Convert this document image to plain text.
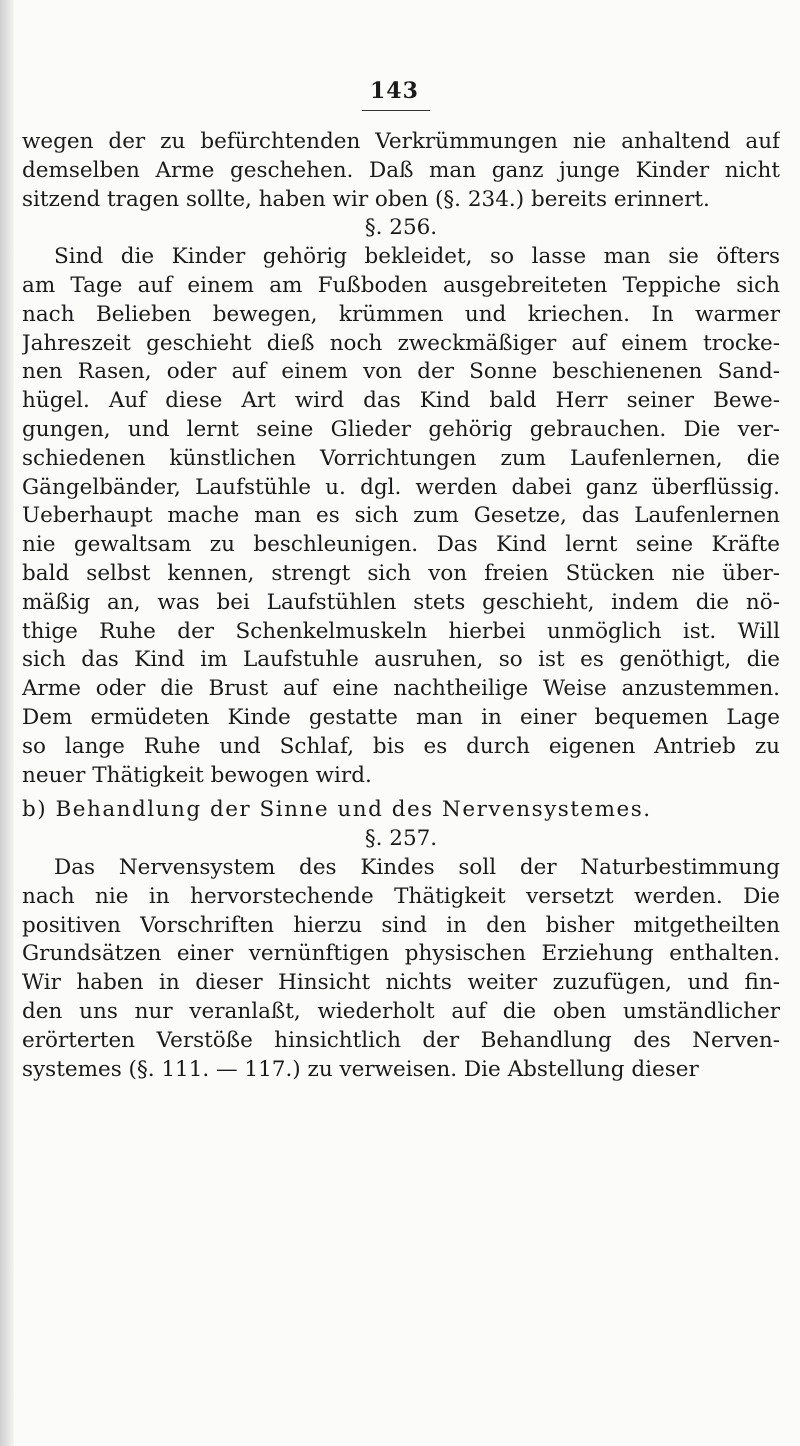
143
wegen der zu befürchtenden Verkrümmungen nie anhaltend auf
demselben Arme geschehen. Daß man ganz junge Kinder nicht
sitzend tragen sollte, haben wir oben (§. 234.) bereits erinnert.
§. 256.
Sind die Kinder gehörig bekleidet, so lasse man sie öfters
am Tage auf einem am Fußboden ausgebreiteten Teppiche sich
nach Belieben bewegen, krümmen und kriechen. In warmer
Jahreszeit geschieht dieß noch zweckmäßiger auf einem trocke-
nen Rasen, oder auf einem von der Sonne beschienenen Sand-
hügel. Auf diese Art wird das Kind bald Herr seiner Bewe-
gungen, und lernt seine Glieder gehörig gebrauchen. Die ver-
schiedenen künstlichen Vorrichtungen zum Laufenlernen, die
Gängelbänder, Laufstühle u. dgl. werden dabei ganz überflüssig.
Ueberhaupt mache man es sich zum Gesetze, das Laufenlernen
nie gewaltsam zu beschleunigen. Das Kind lernt seine Kräfte
bald selbst kennen, strengt sich von freien Stücken nie über-
mäßig an, was bei Laufstühlen stets geschieht, indem die nö-
thige Ruhe der Schenkelmuskeln hierbei unmöglich ist. Will
sich das Kind im Laufstuhle ausruhen, so ist es genöthigt, die
Arme oder die Brust auf eine nachtheilige Weise anzustemmen.
Dem ermüdeten Kinde gestatte man in einer bequemen Lage
so lange Ruhe und Schlaf, bis es durch eigenen Antrieb zu
neuer Thätigkeit bewogen wird.
b) Behandlung der Sinne und des Nervensystemes.
§. 257.
Das Nervensystem des Kindes soll der Naturbestimmung
nach nie in hervorstechende Thätigkeit versetzt werden. Die
positiven Vorschriften hierzu sind in den bisher mitgetheilten
Grundsätzen einer vernünftigen physischen Erziehung enthalten.
Wir haben in dieser Hinsicht nichts weiter zuzufügen, und fin-
den uns nur veranlaßt, wiederholt auf die oben umständlicher
erörterten Verstöße hinsichtlich der Behandlung des Nerven-
systemes (§. 111. — 117.) zu verweisen. Die Abstellung dieser
